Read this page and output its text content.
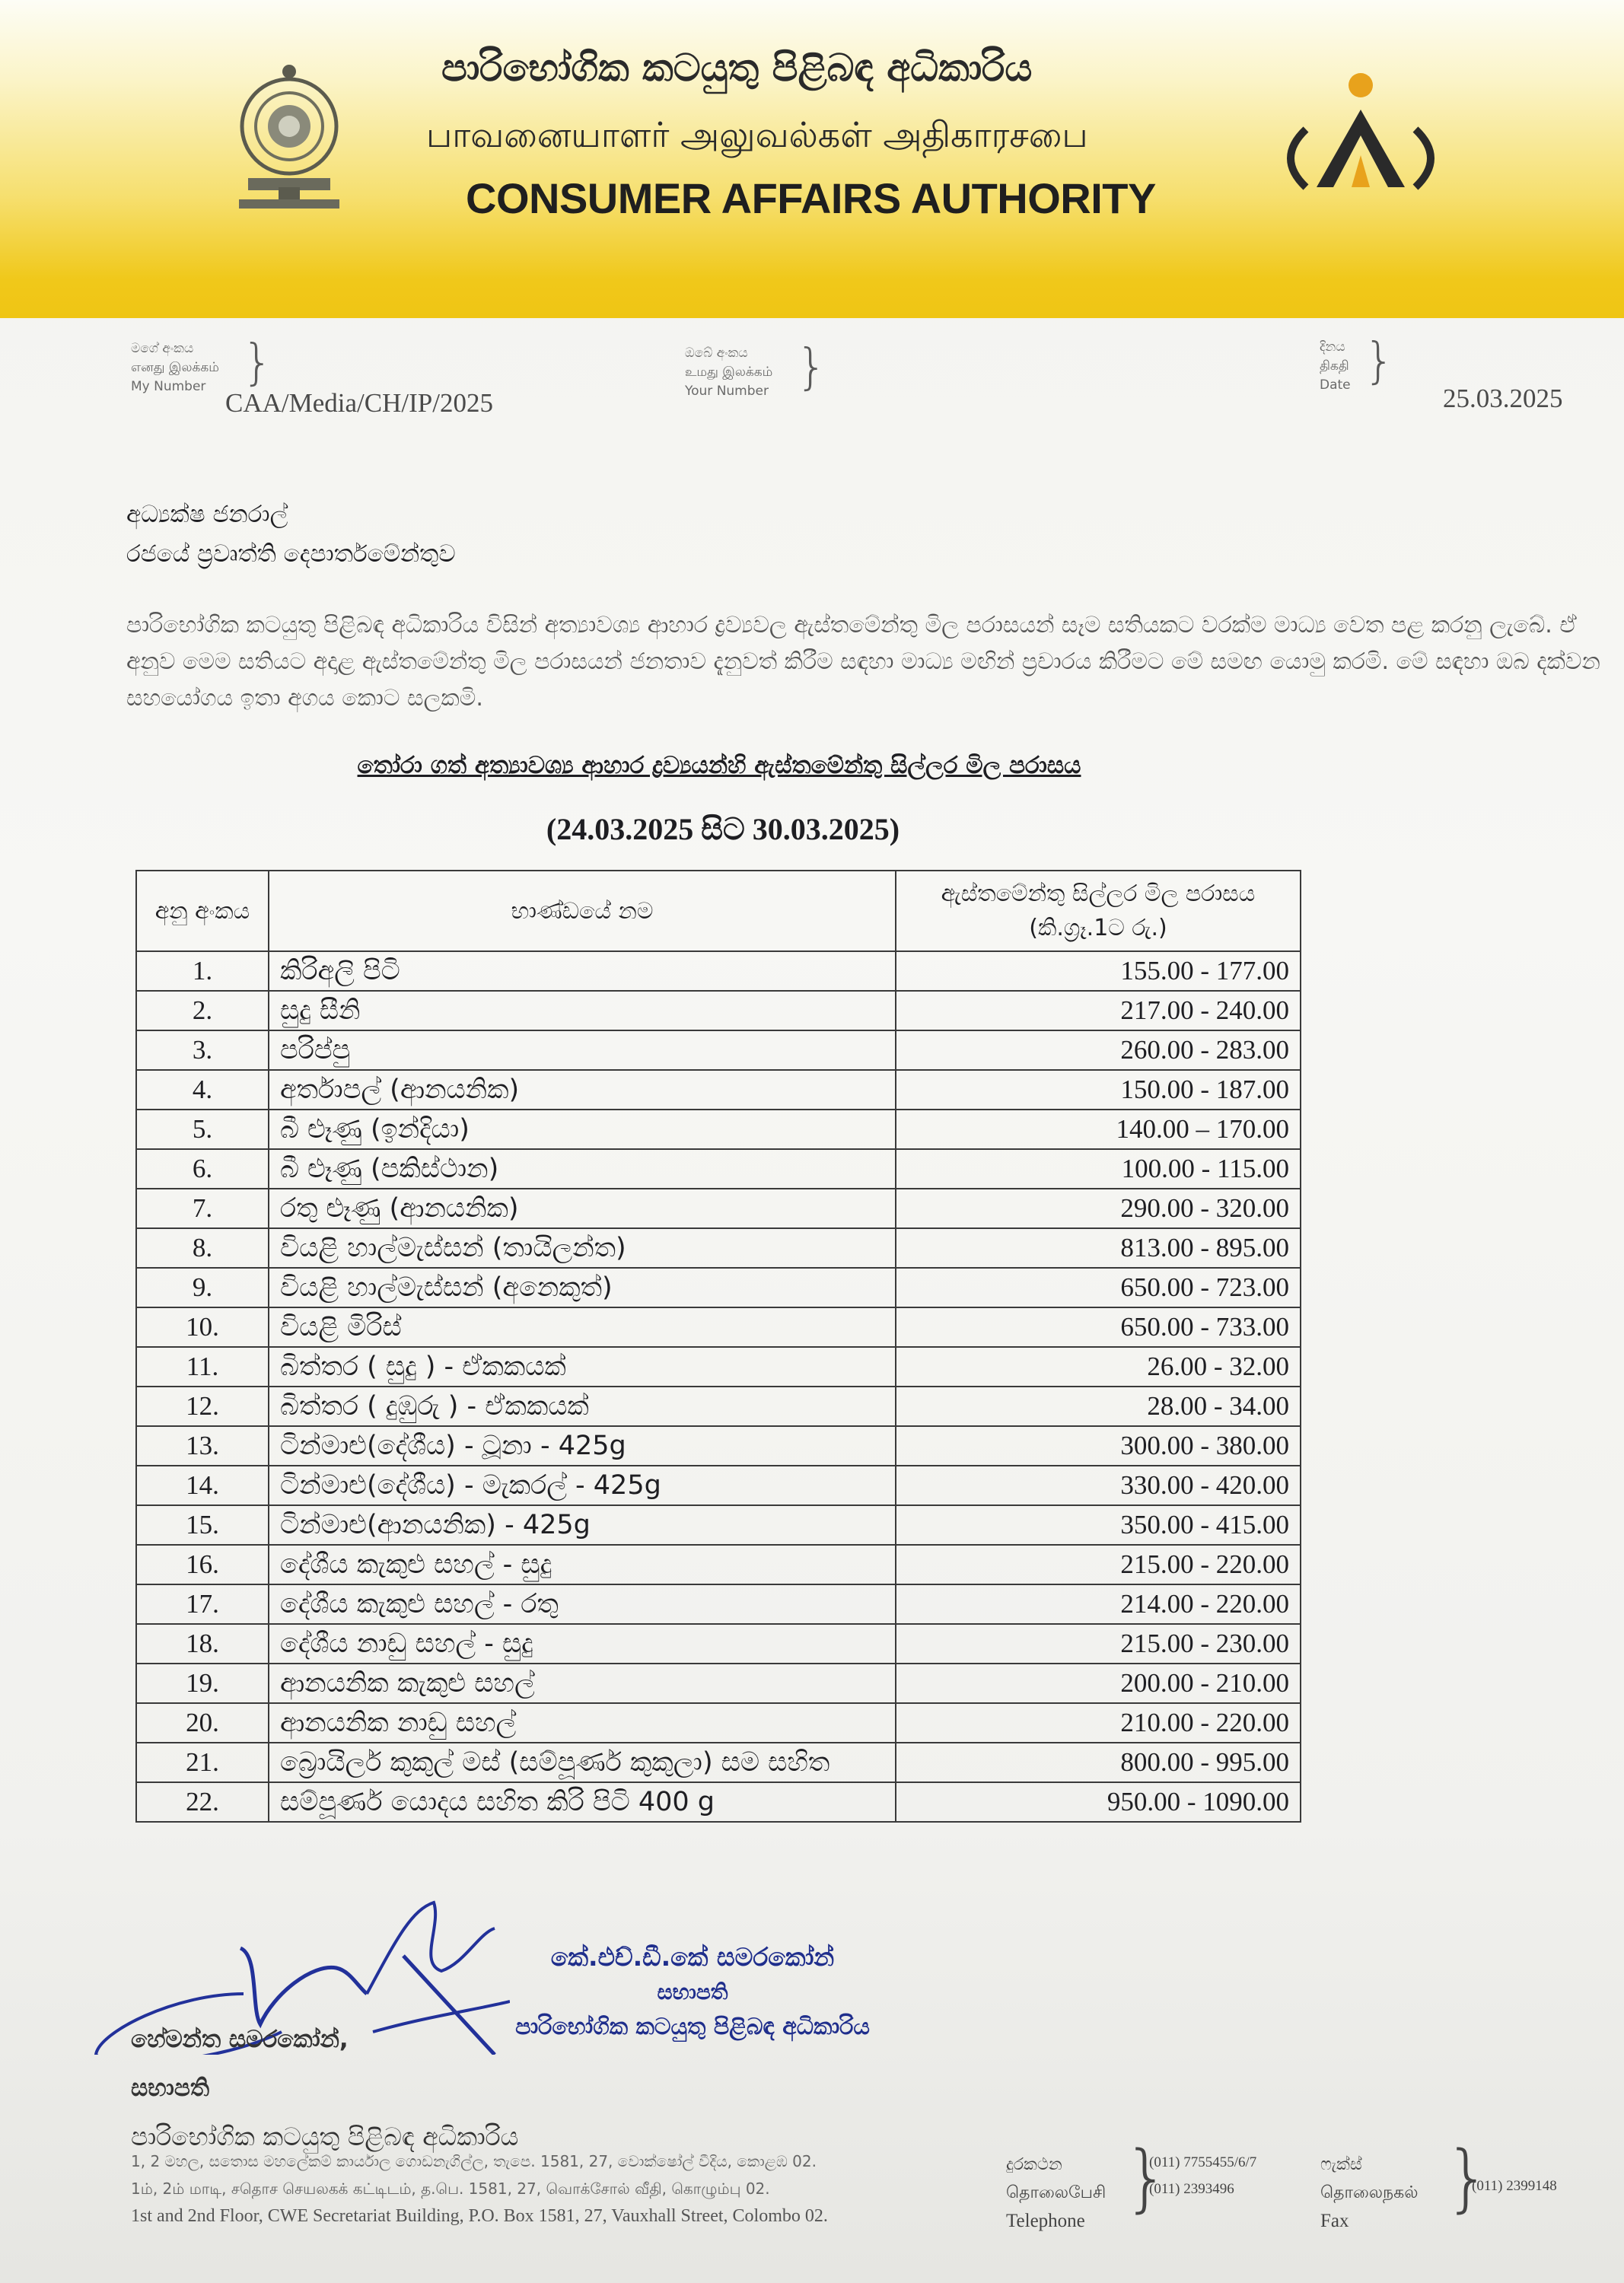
පාරිභෝගික කටයුතු පිළිබඳ අධිකාරිය
பாவனையாளர் அலுவல்கள் அதிகாரசபை
CONSUMER AFFAIRS AUTHORITY
මගේ අංකය
எனது இலக்கம்
My Number }
CAA/Media/CH/IP/2025
ඔබේ අංකය
உமது இலக்கம்
Your Number }	දිනය
திகதி
Date }
25.03.2025
අධ්‍යක්ෂ ජනරාල්
රජයේ ප්‍රවෘත්ති දෙපාර්තමේන්තුව
පාරිභෝගික කටයුතු පිළිබඳ අධිකාරිය විසින් අත්‍යාවශ්‍ය ආහාර ද්‍රව්‍යවල ඇස්තමේන්තු මිල පරාසයන් සෑම සතියකට වරක්ම මාධ්‍ය වෙත පළ කරනු ලැබේ. ඒ අනුව මෙම සතියට අදාළ ඇස්තමේන්තු මිල පරාසයන් ජනතාව දැනුවත් කිරීම සඳහා මාධ්‍ය මඟින් ප්‍රචාරය කිරීමට මේ සමඟ යොමු කරමි. මේ සඳහා ඔබ දක්වන සහයෝගය ඉතා අගය කොට සලකමි.
තෝරා ගත් අත්‍යාවශ්‍ය ආහාර ද්‍රව්‍යයන්හි ඇස්තමේන්තු සිල්ලර මිල පරාසය
(24.03.2025 සිට 30.03.2025)
අනු අංකය	භාණ්ඩයේ නම	ඇස්තමේන්තු සිල්ලර මිල පරාසය (කි.ග්‍රෑ.1ට රු.)
1.	කිරිඅලි පිටි	155.00 - 177.00
2.	සුදු සීනි	217.00 - 240.00
3.	පරිප්පු	260.00 - 283.00
4.	අර්තාපල් (ආනයනික)	150.00 - 187.00
5.	බී ළූණු (ඉන්දියා)	140.00 – 170.00
6.	බී ළූණු (පකිස්ථාන)	100.00 - 115.00
7.	රතු ළූණු (ආනයනික)	290.00 - 320.00
8.	වියළි හාල්මැස්සන් (තායිලන්ත)	813.00 - 895.00
9.	වියළි හාල්මැස්සන් (අනෙකුත්)	650.00 - 723.00
10.	වියළි මිරිස්	650.00 - 733.00
11.	බිත්තර ( සුදු ) - ඒකකයක්	26.00 - 32.00
12.	බිත්තර ( දුඹුරු ) - ඒකකයක්	28.00 - 34.00
13.	ටින්මාළු(දේශීය) - ටූනා - 425g	300.00 - 380.00
14.	ටින්මාළු(දේශීය) - මැකරල් - 425g	330.00 - 420.00
15.	ටින්මාළු(ආනයනික) - 425g	350.00 - 415.00
16.	දේශීය කැකුළු සහල් - සුදු	215.00 - 220.00
17.	දේශීය කැකුළු සහල් - රතු	214.00 - 220.00
18.	දේශීය නාඩු සහල් - සුදු	215.00 - 230.00
19.	ආනයනික කැකුළු සහල්	200.00 - 210.00
20.	ආනයනික නාඩු සහල්	210.00 - 220.00
21.	බ්‍රොයිලර් කුකුල් මස් (සම්පූර්ණ කුකුලා) සම සහිත	800.00 - 995.00
22.	සම්පූර්ණ යොදය සහිත කිරි පිටි 400 g	950.00 - 1090.00
කේ.එච්.ඩී.කේ සමරකෝන්
සභාපති
පාරිභෝගික කටයුතු පිළිබඳ අධිකාරිය
හේමන්ත සමරකෝන්,
සභාපති
පාරිභෝගික කටයුතු පිළිබඳ අධිකාරිය
1, 2 මහල, සතොස මහලේකම් කාර්යාල ගොඩනැගිල්ල, තැපෙ. 1581, 27, වොක්ෂෝල් වීදිය, කොළඹ 02.
1ம், 2ம் மாடி, சதொச செயலகக் கட்டிடம், த.பெ. 1581, 27, வொக்சோல் வீதி, கொழும்பு 02.
1st and 2nd Floor, CWE Secretariat Building, P.O. Box 1581, 27, Vauxhall Street, Colombo 02.
දුරකථන
தொலைபேசி
Telephone
}
(011) 7755455/6/7
(011) 2393496
ෆැක්ස්
தொலைநகல்
Fax
}
(011) 2399148
